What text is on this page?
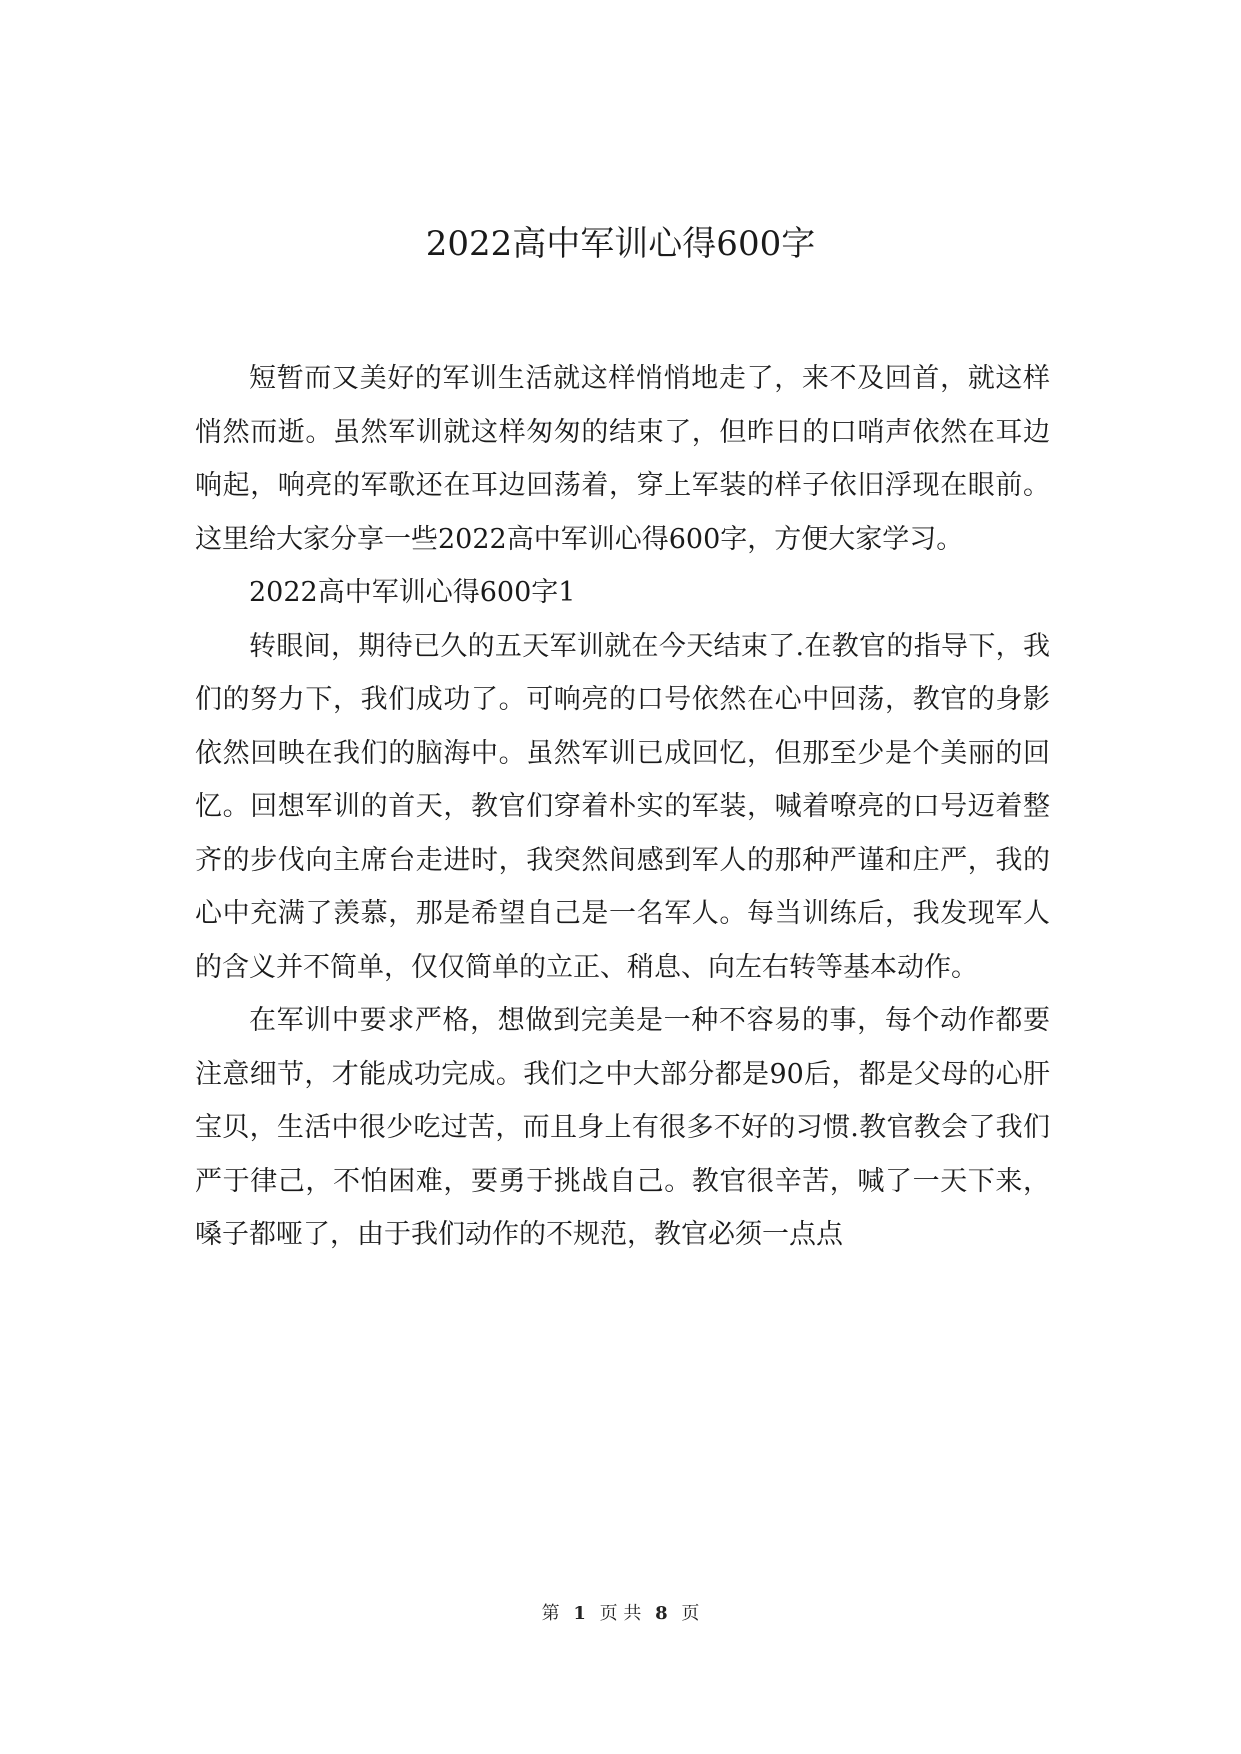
2022高中军训心得600字

短暂而又美好的军训生活就这样悄悄地走了，来不及回首，就这样悄然而逝。虽然军训就这样匆匆的结束了，但昨日的口哨声依然在耳边响起，响亮的军歌还在耳边回荡着，穿上军装的样子依旧浮现在眼前。这里给大家分享一些2022高中军训心得600字，方便大家学习。

2022高中军训心得600字1

转眼间，期待已久的五天军训就在今天结束了.在教官的指导下，我们的努力下，我们成功了。可响亮的口号依然在心中回荡，教官的身影依然回映在我们的脑海中。虽然军训已成回忆，但那至少是个美丽的回忆。回想军训的首天，教官们穿着朴实的军装，喊着嘹亮的口号迈着整齐的步伐向主席台走进时，我突然间感到军人的那种严谨和庄严，我的心中充满了羡慕，那是希望自己是一名军人。每当训练后，我发现军人的含义并不简单，仅仅简单的立正、稍息、向左右转等基本动作。

在军训中要求严格，想做到完美是一种不容易的事，每个动作都要注意细节，才能成功完成。我们之中大部分都是90后，都是父母的心肝宝贝，生活中很少吃过苦，而且身上有很多不好的习惯.教官教会了我们严于律己，不怕困难，要勇于挑战自己。教官很辛苦，喊了一天下来，嗓子都哑了，由于我们动作的不规范，教官必须一点点

第 1 页 共 8 页
